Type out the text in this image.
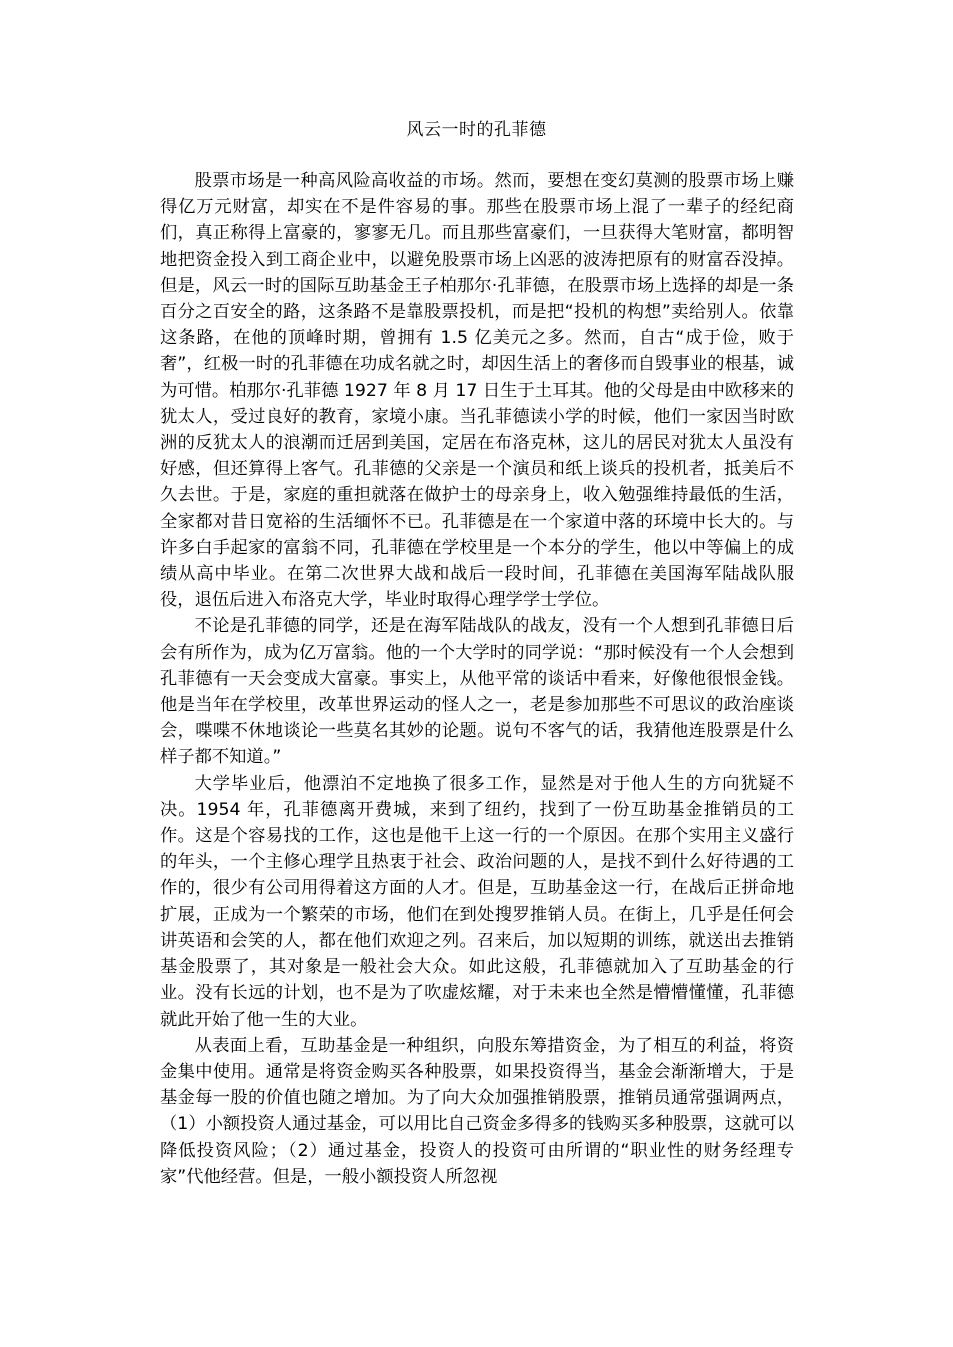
风云一时的孔菲德

股票市场是一种高风险高收益的市场。然而，要想在变幻莫测的股票市场上赚得亿万元财富，却实在不是件容易的事。那些在股票市场上混了一辈子的经纪商们，真正称得上富豪的，寥寥无几。而且那些富豪们，一旦获得大笔财富，都明智地把资金投入到工商企业中，以避免股票市场上凶恶的波涛把原有的财富吞没掉。但是，风云一时的国际互助基金王子柏那尔·孔菲德，在股票市场上选择的却是一条百分之百安全的路，这条路不是靠股票投机，而是把“投机的构想”卖给别人。依靠这条路，在他的顶峰时期，曾拥有 1.5 亿美元之多。然而，自古“成于俭，败于奢”，红极一时的孔菲德在功成名就之时，却因生活上的奢侈而自毁事业的根基，诚为可惜。柏那尔·孔菲德 1927 年 8 月 17 日生于土耳其。他的父母是由中欧移来的犹太人，受过良好的教育，家境小康。当孔菲德读小学的时候，他们一家因当时欧洲的反犹太人的浪潮而迁居到美国，定居在布洛克林，这儿的居民对犹太人虽没有好感，但还算得上客气。孔菲德的父亲是一个演员和纸上谈兵的投机者，抵美后不久去世。于是，家庭的重担就落在做护士的母亲身上，收入勉强维持最低的生活，全家都对昔日宽裕的生活缅怀不已。孔菲德是在一个家道中落的环境中长大的。与许多白手起家的富翁不同，孔菲德在学校里是一个本分的学生，他以中等偏上的成绩从高中毕业。在第二次世界大战和战后一段时间，孔菲德在美国海军陆战队服役，退伍后进入布洛克大学，毕业时取得心理学学士学位。

不论是孔菲德的同学，还是在海军陆战队的战友，没有一个人想到孔菲德日后会有所作为，成为亿万富翁。他的一个大学时的同学说：“那时候没有一个人会想到孔菲德有一天会变成大富豪。事实上，从他平常的谈话中看来，好像他很恨金钱。他是当年在学校里，改革世界运动的怪人之一，老是参加那些不可思议的政治座谈会，喋喋不休地谈论一些莫名其妙的论题。说句不客气的话，我猜他连股票是什么样子都不知道。”

大学毕业后，他漂泊不定地换了很多工作，显然是对于他人生的方向犹疑不决。1954 年，孔菲德离开费城，来到了纽约，找到了一份互助基金推销员的工作。这是个容易找的工作，这也是他干上这一行的一个原因。在那个实用主义盛行的年头，一个主修心理学且热衷于社会、政治问题的人，是找不到什么好待遇的工作的，很少有公司用得着这方面的人才。但是，互助基金这一行，在战后正拼命地扩展，正成为一个繁荣的市场，他们在到处搜罗推销人员。在街上，几乎是任何会讲英语和会笑的人，都在他们欢迎之列。召来后，加以短期的训练，就送出去推销基金股票了，其对象是一般社会大众。如此这般，孔菲德就加入了互助基金的行业。没有长远的计划，也不是为了吹虚炫耀，对于未来也全然是懵懵懂懂，孔菲德就此开始了他一生的大业。

从表面上看，互助基金是一种组织，向股东筹措资金，为了相互的利益，将资金集中使用。通常是将资金购买各种股票，如果投资得当，基金会渐渐增大，于是基金每一股的价值也随之增加。为了向大众加强推销股票，推销员通常强调两点，（1）小额投资人通过基金，可以用比自己资金多得多的钱购买多种股票，这就可以降低投资风险；（2）通过基金，投资人的投资可由所谓的“职业性的财务经理专家”代他经营。但是，一般小额投资人所忽视
